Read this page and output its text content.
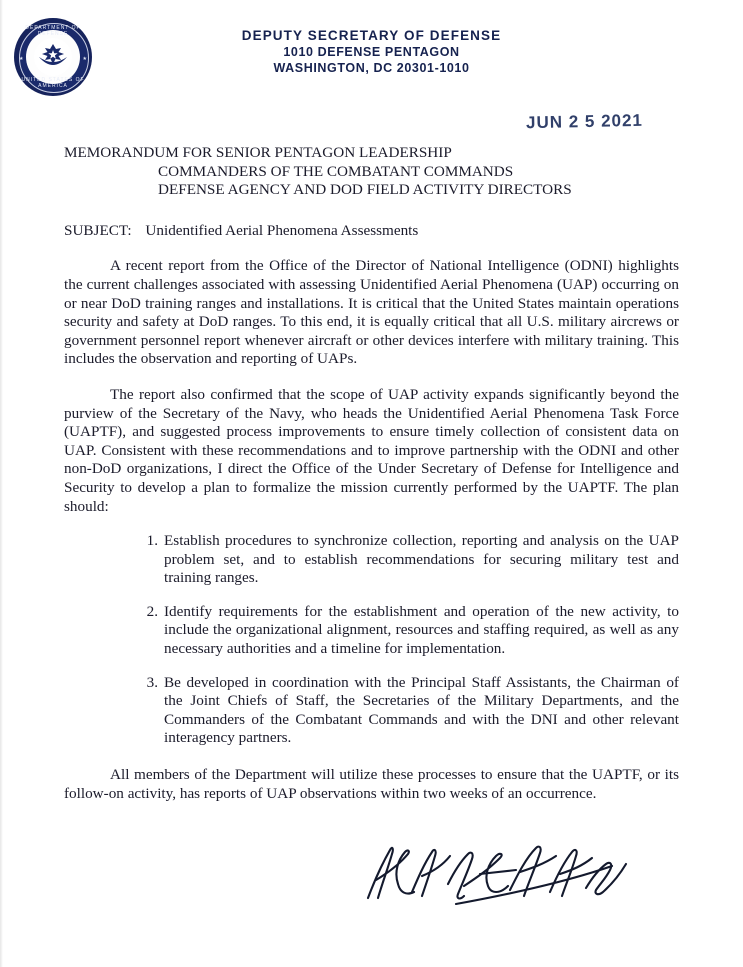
DEPARTMENT OF DEFENSE
UNITED STATES OF AMERICA
★	★
DEPUTY SECRETARY OF DEFENSE
1010 DEFENSE PENTAGON
WASHINGTON, DC 20301-1010
JUN 2 5 2021
MEMORANDUM FOR SENIOR PENTAGON LEADERSHIP
COMMANDERS OF THE COMBATANT COMMANDS
DEFENSE AGENCY AND DOD FIELD ACTIVITY DIRECTORS
SUBJECT: Unidentified Aerial Phenomena Assessments

A recent report from the Office of the Director of National Intelligence (ODNI) highlights the current challenges associated with assessing Unidentified Aerial Phenomena (UAP) occurring on or near DoD training ranges and installations. It is critical that the United States maintain operations security and safety at DoD ranges. To this end, it is equally critical that all U.S. military aircrews or government personnel report whenever aircraft or other devices interfere with military training. This includes the observation and reporting of UAPs.

The report also confirmed that the scope of UAP activity expands significantly beyond the purview of the Secretary of the Navy, who heads the Unidentified Aerial Phenomena Task Force (UAPTF), and suggested process improvements to ensure timely collection of consistent data on UAP. Consistent with these recommendations and to improve partnership with the ODNI and other non-DoD organizations, I direct the Office of the Under Secretary of Defense for Intelligence and Security to develop a plan to formalize the mission currently performed by the UAPTF. The plan should:

Establish procedures to synchronize collection, reporting and analysis on the UAP problem set, and to establish recommendations for securing military test and training ranges.
Identify requirements for the establishment and operation of the new activity, to include the organizational alignment, resources and staffing required, as well as any necessary authorities and a timeline for implementation.
Be developed in coordination with the Principal Staff Assistants, the Chairman of the Joint Chiefs of Staff, the Secretaries of the Military Departments, and the Commanders of the Combatant Commands and with the DNI and other relevant interagency partners.

All members of the Department will utilize these processes to ensure that the UAPTF, or its follow-on activity, has reports of UAP observations within two weeks of an occurrence.
